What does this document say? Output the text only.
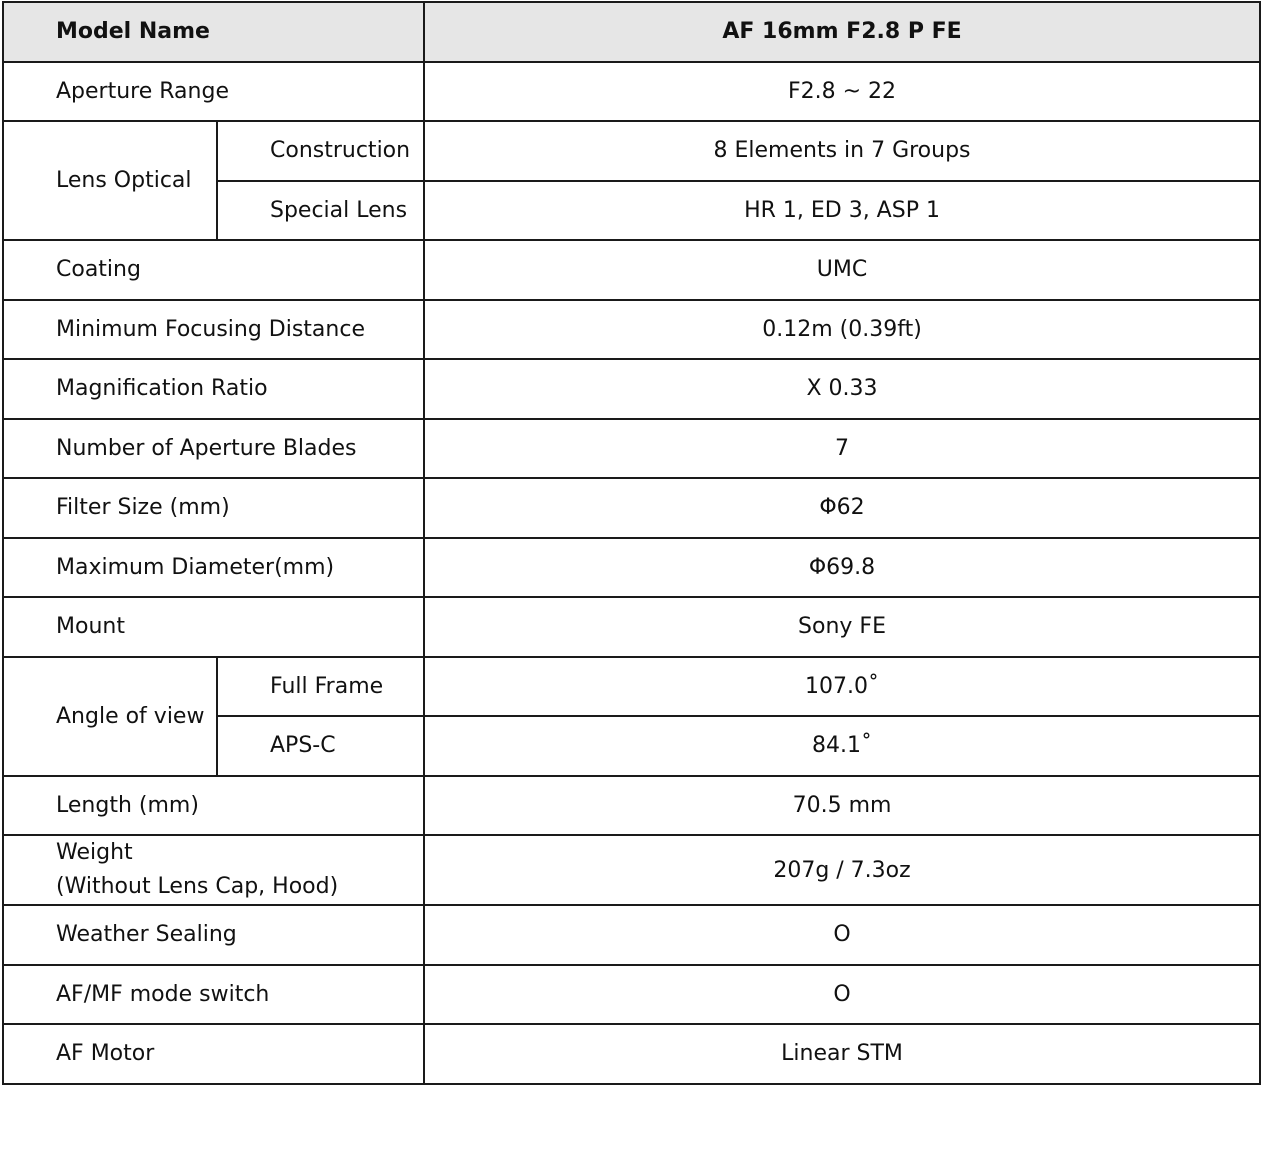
Model Name		AF 16mm F2.8 P FE
Aperture Range		F2.8 ~ 22
Lens Optical	Construction	8 Elements in 7 Groups
	Special Lens	HR 1, ED 3, ASP 1
Coating		UMC
Minimum Focusing Distance		0.12m (0.39ft)
Magnification Ratio		X 0.33
Number of Aperture Blades		7
Filter Size (mm)		Φ62
Maximum Diameter(mm)		Φ69.8
Mount		Sony FE
Angle of view	Full Frame	107.0˚
	APS-C	84.1˚
Length (mm)		70.5 mm

Weight
(Without Lens Cap, Hood)		207g / 7.3oz
Weather Sealing		O
AF/MF mode switch		O
AF Motor		Linear STM
